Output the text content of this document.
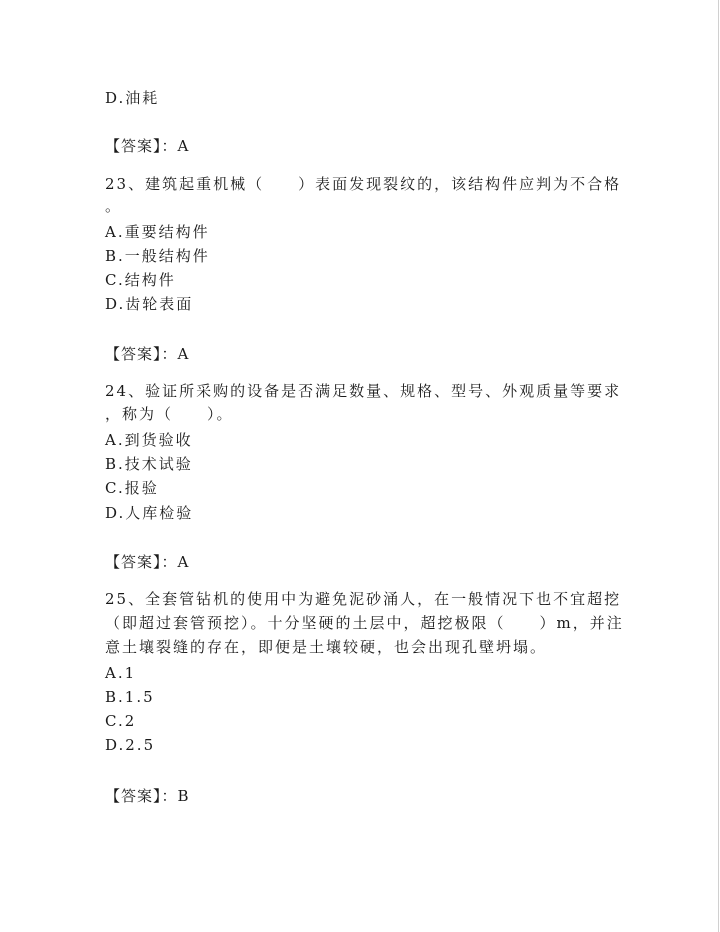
D.油耗
【答案】：A
23、建筑起重机械（　　）表面发现裂纹的，该结构件应判为不合格
。
A.重要结构件
B.一般结构件
C.结构件
D.齿轮表面
【答案】：A
24、验证所采购的设备是否满足数量、规格、型号、外观质量等要求
，称为（　　）。
A.到货验收
B.技术试验
C.报验
D.人库检验
【答案】：A
25、全套管钻机的使用中为避免泥砂涌人，在一般情况下也不宜超挖
（即超过套管预挖）。十分坚硬的土层中，超挖极限（　　）m，并注
意土壤裂缝的存在，即便是土壤较硬，也会出现孔壁坍塌。
A.1
B.1.5
C.2
D.2.5
【答案】：B
